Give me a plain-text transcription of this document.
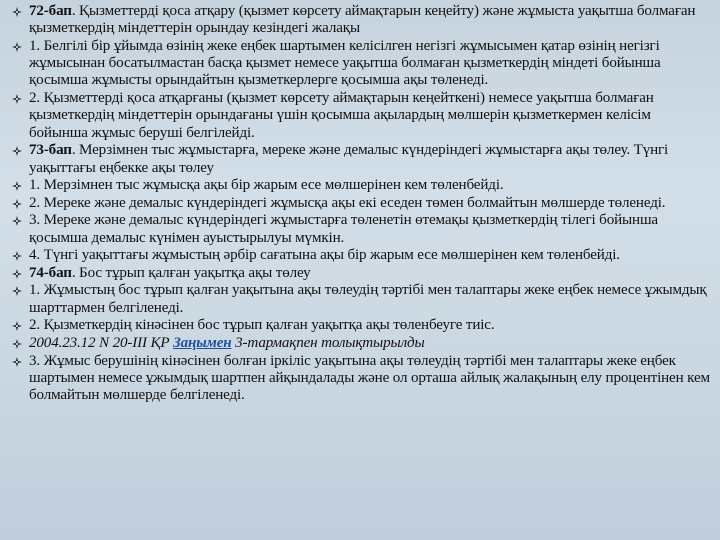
72-бап. Қызметтерді қоса атқару (қызмет көрсету аймақтарын кеңейту) және жұмыста уақытша болмаған қызметкердің міндеттерін орындау кезіндегі жалақы
1. Белгілі бір ұйымда өзінің жеке еңбек шартымен келісілген негізгі жұмысымен қатар өзінің негізгі жұмысынан босатылмастан басқа қызмет немесе уақытша болмаған қызметкердің міндеті бойынша қосымша жұмысты орындайтын қызметкерлерге қосымша ақы төленеді.
2. Қызметтерді қоса атқарғаны (қызмет көрсету аймақтарын кеңейткені) немесе уақытша болмаған қызметкердің міндеттерін орындағаны үшін қосымша ақылардың мөлшерін қызметкермен келісім бойынша жұмыс беруші белгілейді.
73-бап. Мерзімнен тыс жұмыстарға, мереке және демалыс күндеріндегі жұмыстарға ақы төлеу. Түнгі уақыттағы еңбекке ақы төлеу
1. Мерзімнен тыс жұмысқа ақы бір жарым есе мөлшерінен кем төленбейді.
2. Мереке және демалыс күндеріндегі жұмысқа ақы екі еседен төмен болмайтын мөлшерде төленеді.
3. Мереке және демалыс күндеріндегі жұмыстарға төленетін өтемақы қызметкердің тілегі бойынша қосымша демалыс күнімен ауыстырылуы мүмкін.
4. Түнгі уақыттағы жұмыстың әрбір сағатына ақы бір жарым есе мөлшерінен кем төленбейді.
74-бап. Бос тұрып қалған уақытқа ақы төлеу
1. Жұмыстың бос тұрып қалған уақытына ақы төлеудің тәртібі мен талаптары жеке еңбек немесе ұжымдық шарттармен белгіленеді.
2. Қызметкердің кінәсінен бос тұрып қалған уақытқа ақы төленбеуге тиіс.
2004.23.12 N 20-III ҚР Заңымен 3-тармақпен толықтырылды
3. Жұмыс берушінің кінәсінен болған іркіліс уақытына ақы төлеудің тәртібі мен талаптары жеке еңбек шартымен немесе ұжымдық шартпен айқындалады және ол орташа айлық жалақының елу процентінен кем болмайтын мөлшерде белгіленеді.
